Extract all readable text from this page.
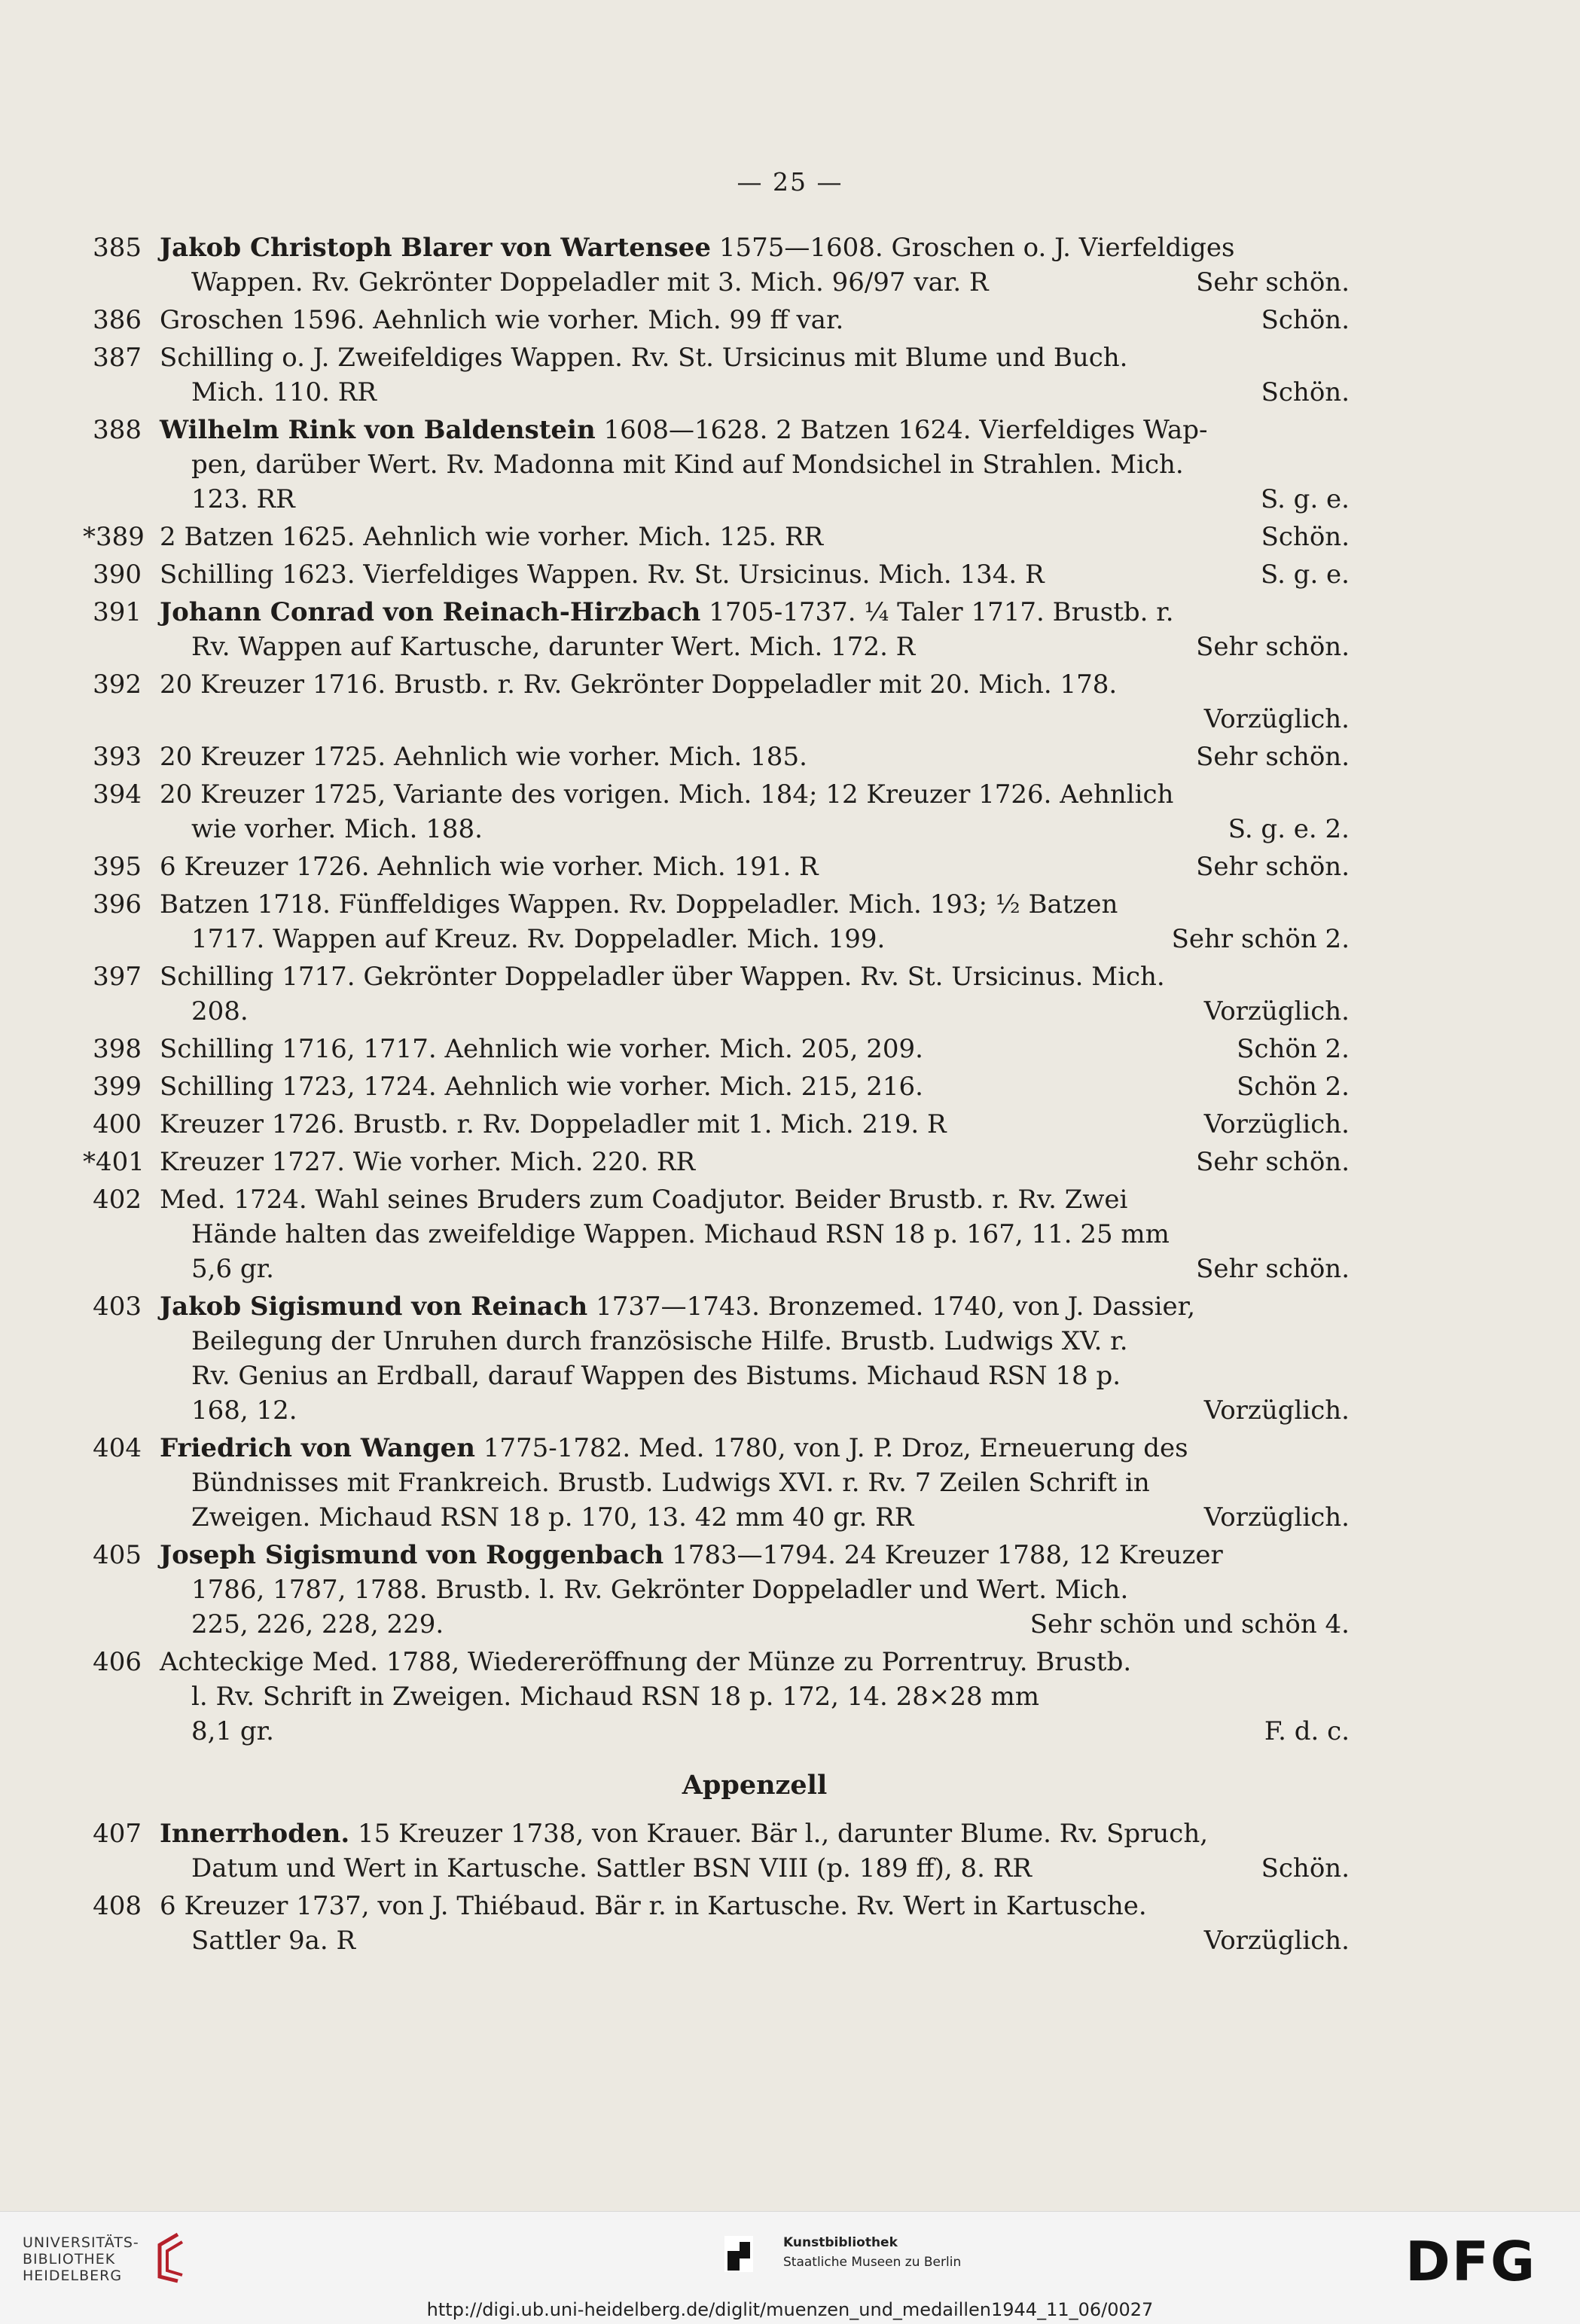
— 25 —
385 Jakob Christoph Blarer von Wartensee 1575—1608. Groschen o. J. Vierfeldiges
Wappen. Rv. Gekrönter Doppeladler mit 3. Mich. 96/97 var. R	Sehr schön.
386 Groschen 1596. Aehnlich wie vorher. Mich. 99 ff var.	Schön.
387 Schilling o. J. Zweifeldiges Wappen. Rv. St. Ursicinus mit Blume und Buch.
Mich. 110. RR	Schön.
388 Wilhelm Rink von Baldenstein 1608—1628. 2 Batzen 1624. Vierfeldiges Wap-
pen, darüber Wert. Rv. Madonna mit Kind auf Mondsichel in Strahlen. Mich.
123. RR	S. g. e.
*389 2 Batzen 1625. Aehnlich wie vorher. Mich. 125. RR	Schön.
390 Schilling 1623. Vierfeldiges Wappen. Rv. St. Ursicinus. Mich. 134. R	S. g. e.
391 Johann Conrad von Reinach-Hirzbach 1705-1737. ¼ Taler 1717. Brustb. r.
Rv. Wappen auf Kartusche, darunter Wert. Mich. 172. R	Sehr schön.
392 20 Kreuzer 1716. Brustb. r. Rv. Gekrönter Doppeladler mit 20. Mich. 178.
Vorzüglich.
393 20 Kreuzer 1725. Aehnlich wie vorher. Mich. 185.	Sehr schön.
394 20 Kreuzer 1725, Variante des vorigen. Mich. 184; 12 Kreuzer 1726. Aehnlich
wie vorher. Mich. 188.	S. g. e. 2.
395 6 Kreuzer 1726. Aehnlich wie vorher. Mich. 191. R	Sehr schön.
396 Batzen 1718. Fünffeldiges Wappen. Rv. Doppeladler. Mich. 193; ½ Batzen
1717. Wappen auf Kreuz. Rv. Doppeladler. Mich. 199.	Sehr schön 2.
397 Schilling 1717. Gekrönter Doppeladler über Wappen. Rv. St. Ursicinus. Mich.
208.	Vorzüglich.
398 Schilling 1716, 1717. Aehnlich wie vorher. Mich. 205, 209.	Schön 2.
399 Schilling 1723, 1724. Aehnlich wie vorher. Mich. 215, 216.	Schön 2.
400 Kreuzer 1726. Brustb. r. Rv. Doppeladler mit 1. Mich. 219. R	Vorzüglich.
*401 Kreuzer 1727. Wie vorher. Mich. 220. RR	Sehr schön.
402 Med. 1724. Wahl seines Bruders zum Coadjutor. Beider Brustb. r. Rv. Zwei
Hände halten das zweifeldige Wappen. Michaud RSN 18 p. 167, 11. 25 mm
5,6 gr.	Sehr schön.
403 Jakob Sigismund von Reinach 1737—1743. Bronzemed. 1740, von J. Dassier,
Beilegung der Unruhen durch französische Hilfe. Brustb. Ludwigs XV. r.
Rv. Genius an Erdball, darauf Wappen des Bistums. Michaud RSN 18 p.
168, 12.	Vorzüglich.
404 Friedrich von Wangen 1775-1782. Med. 1780, von J. P. Droz, Erneuerung des
Bündnisses mit Frankreich. Brustb. Ludwigs XVI. r. Rv. 7 Zeilen Schrift in
Zweigen. Michaud RSN 18 p. 170, 13. 42 mm 40 gr. RR	Vorzüglich.
405 Joseph Sigismund von Roggenbach 1783—1794. 24 Kreuzer 1788, 12 Kreuzer
1786, 1787, 1788. Brustb. l. Rv. Gekrönter Doppeladler und Wert. Mich.
225, 226, 228, 229.	Sehr schön und schön 4.
406 Achteckige Med. 1788, Wiedereröffnung der Münze zu Porrentruy. Brustb.
l. Rv. Schrift in Zweigen. Michaud RSN 18 p. 172, 14. 28×28 mm
8,1 gr.	F. d. c.
Appenzell
407 Innerrhoden. 15 Kreuzer 1738, von Krauer. Bär l., darunter Blume. Rv. Spruch,
Datum und Wert in Kartusche. Sattler BSN VIII (p. 189 ff), 8. RR	Schön.
408 6 Kreuzer 1737, von J. Thiébaud. Bär r. in Kartusche. Rv. Wert in Kartusche.
Sattler 9a. R	Vorzüglich.
UNIVERSITÄTS-
BIBLIOTHEK
HEIDELBERG
Kunstbibliothek
Staatliche Museen zu Berlin	DFG
http://digi.ub.uni-heidelberg.de/diglit/muenzen_und_medaillen1944_11_06/0027
